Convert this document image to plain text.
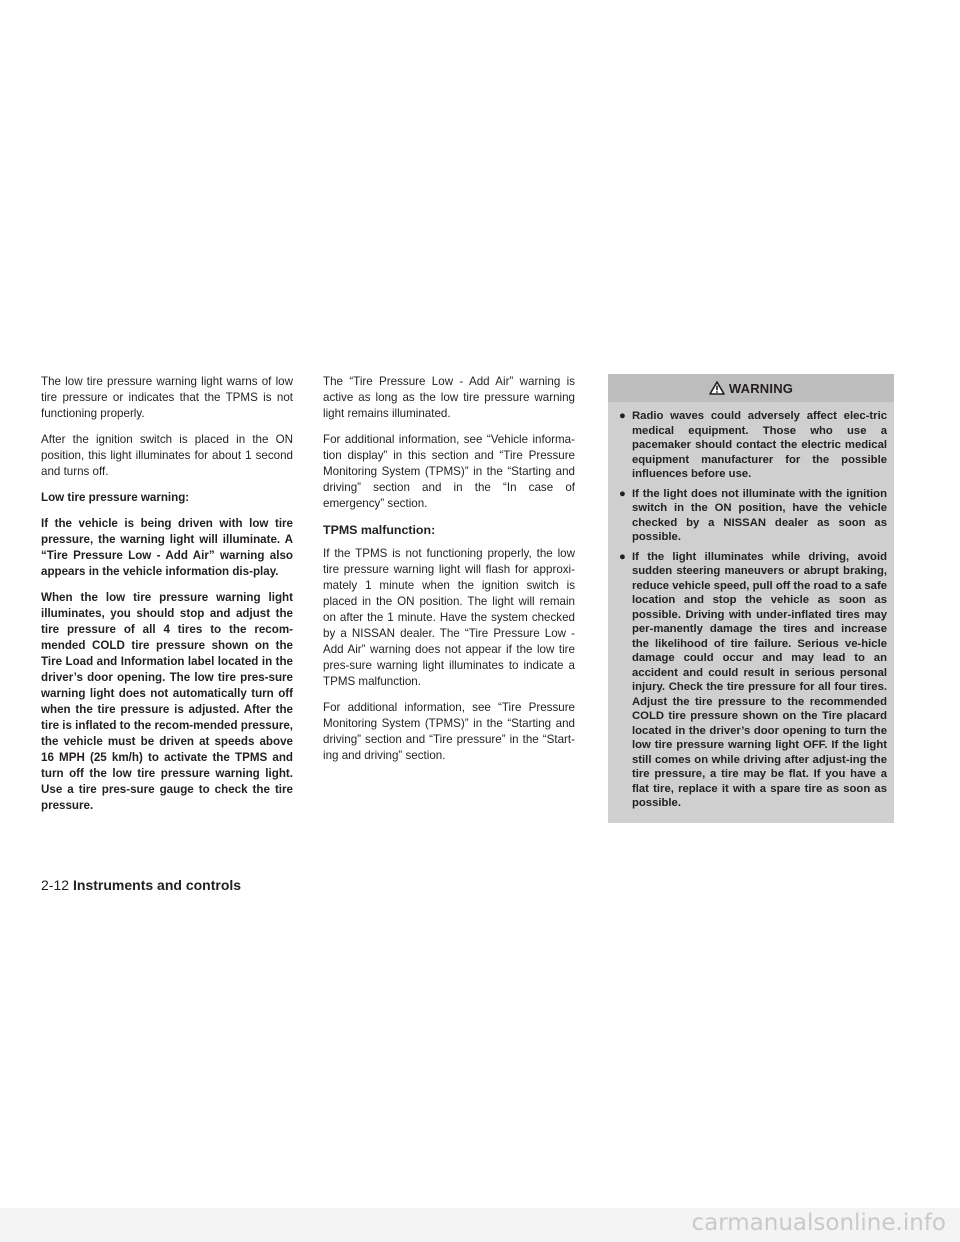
The low tire pressure warning light warns of low tire pressure or indicates that the TPMS is not functioning properly.

After the ignition switch is placed in the ON position, this light illuminates for about 1 second and turns off.

Low tire pressure warning:

If the vehicle is being driven with low tire pressure, the warning light will illuminate. A “Tire Pressure Low - Add Air” warning also appears in the vehicle information dis-play.

When the low tire pressure warning light illuminates, you should stop and adjust the tire pressure of all 4 tires to the recom-mended COLD tire pressure shown on the Tire Load and Information label located in the driver’s door opening. The low tire pres-sure warning light does not automatically turn off when the tire pressure is adjusted. After the tire is inflated to the recom-mended pressure, the vehicle must be driven at speeds above 16 MPH (25 km/h) to activate the TPMS and turn off the low tire pressure warning light. Use a tire pres-sure gauge to check the tire pressure.

The “Tire Pressure Low - Add Air” warning is active as long as the low tire pressure warning light remains illuminated.

For additional information, see “Vehicle informa-tion display” in this section and “Tire Pressure Monitoring System (TPMS)” in the “Starting and driving” section and in the “In case of emergency” section.

TPMS malfunction:

If the TPMS is not functioning properly, the low tire pressure warning light will flash for approxi-mately 1 minute when the ignition switch is placed in the ON position. The light will remain on after the 1 minute. Have the system checked by a NISSAN dealer. The “Tire Pressure Low - Add Air” warning does not appear if the low tire pres-sure warning light illuminates to indicate a TPMS malfunction.

For additional information, see “Tire Pressure Monitoring System (TPMS)” in the “Starting and driving” section and “Tire pressure” in the “Start-ing and driving” section.

WARNING
● Radio waves could adversely affect elec-tric medical equipment. Those who use a pacemaker should contact the electric medical equipment manufacturer for the possible influences before use.
● If the light does not illuminate with the ignition switch in the ON position, have the vehicle checked by a NISSAN dealer as soon as possible.
● If the light illuminates while driving, avoid sudden steering maneuvers or abrupt braking, reduce vehicle speed, pull off the road to a safe location and stop the vehicle as soon as possible. Driving with under-inflated tires may per-manently damage the tires and increase the likelihood of tire failure. Serious ve-hicle damage could occur and may lead to an accident and could result in serious personal injury. Check the tire pressure for all four tires. Adjust the tire pressure to the recommended COLD tire pressure shown on the Tire placard located in the driver’s door opening to turn the low tire pressure warning light OFF. If the light still comes on while driving after adjust-ing the tire pressure, a tire may be flat. If you have a flat tire, replace it with a spare tire as soon as possible.
2-12 Instruments and controls
carmanualsonline.info
